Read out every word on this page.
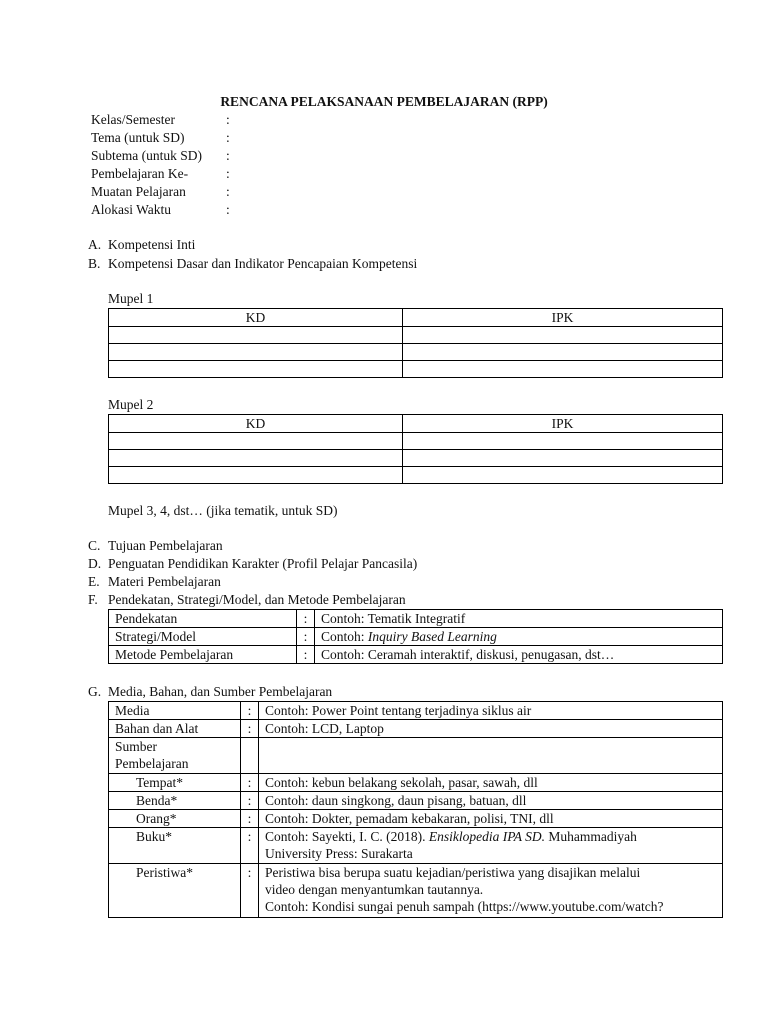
RENCANA PELAKSANAAN PEMBELAJARAN (RPP)
Kelas/Semester	:
Tema (untuk SD)	:
Subtema (untuk SD) :
Pembelajaran Ke-	:
Muatan Pelajaran	:
Alokasi Waktu	:
A. Kompetensi Inti
B. Kompetensi Dasar dan Indikator Pencapaian Kompetensi
Mupel 1
KD	IPK

Mupel 2
KD	IPK

Mupel 3, 4, dst… (jika tematik, untuk SD)
C. Tujuan Pembelajaran
D. Penguatan Pendidikan Karakter (Profil Pelajar Pancasila)
E. Materi Pembelajaran
F. Pendekatan, Strategi/Model, dan Metode Pembelajaran
Pendekatan	:	Contoh: Tematik Integratif
Strategi/Model	:	Contoh: Inquiry Based Learning
Metode Pembelajaran	:	Contoh: Ceramah interaktif, diskusi, penugasan, dst…
G. Media, Bahan, dan Sumber Pembelajaran
Media	:	Contoh: Power Point tentang terjadinya siklus air
Bahan dan Alat	:	Contoh: LCD, Laptop

Sumber
Pembelajaran		

Tempat*	:	Contoh: kebun belakang sekolah, pasar, sawah, dll
Benda*	:	Contoh: daun singkong, daun pisang, batuan, dll
Orang*	:	Contoh: Dokter, pemadam kebakaran, polisi, TNI, dll
Buku*	:	Contoh: Sayekti, I. C. (2018). Ensiklopedia IPA SD. Muhammadiyah
University Press: Surakarta

Peristiwa*	:	Peristiwa bisa berupa suatu kejadian/peristiwa yang disajikan melalui
video dengan menyantumkan tautannya.
Contoh: Kondisi sungai penuh sampah (https://www.youtube.com/watch?
